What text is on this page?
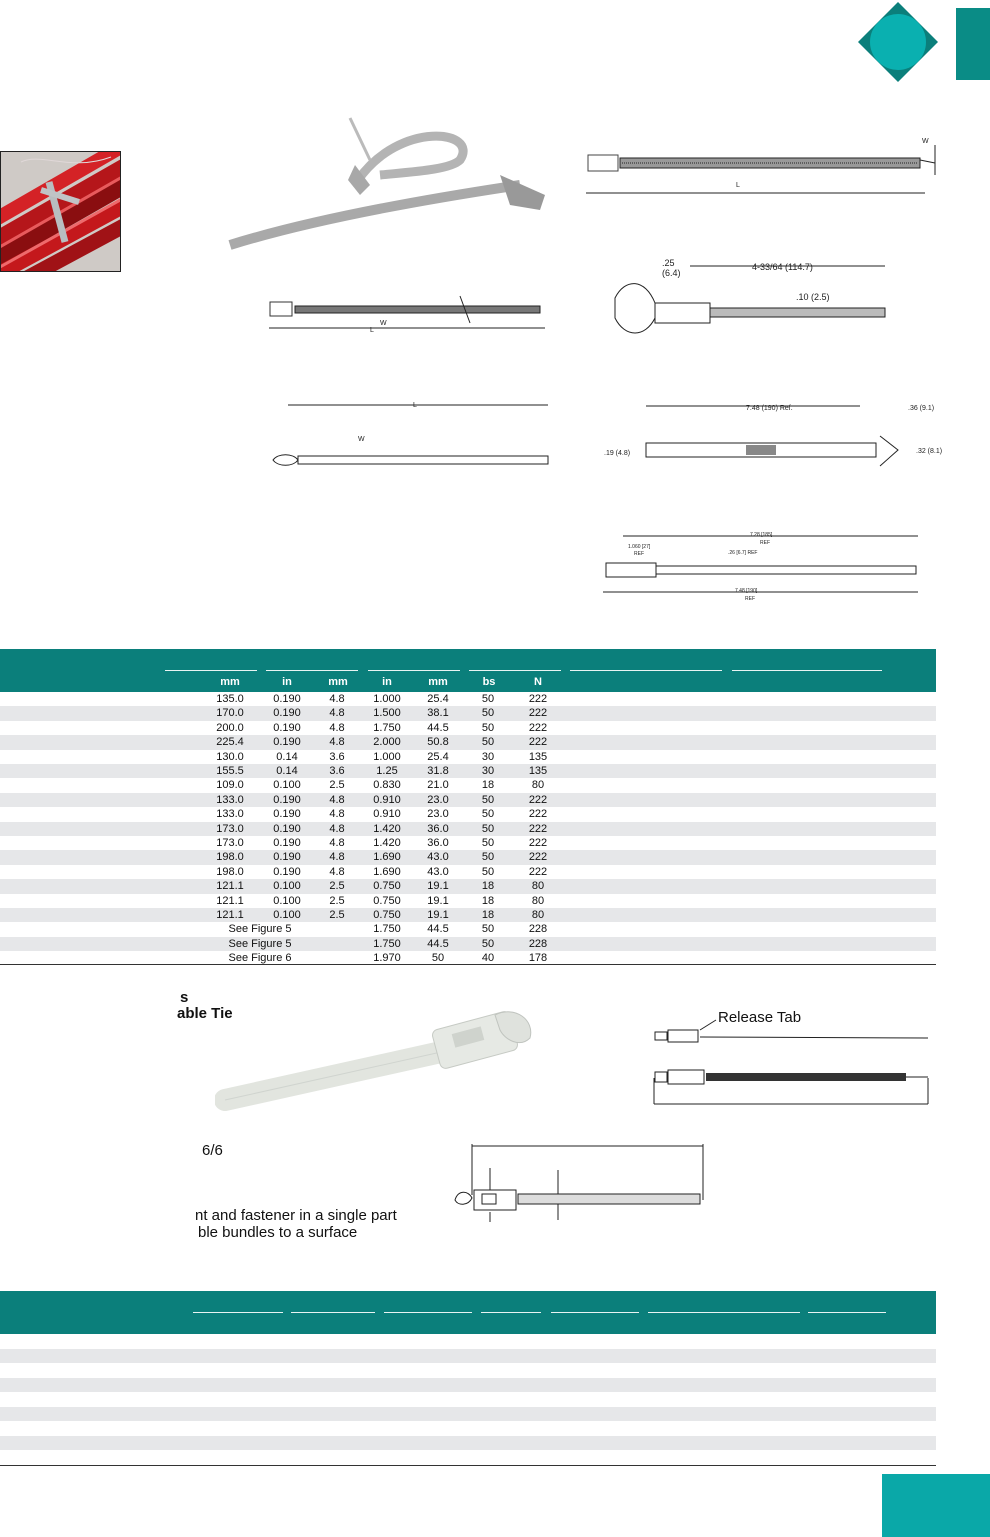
L
W
L
W
.25
(6.4)
4-33/64 (114.7)
.10 (2.5)
L
W
7.48 (190) Ref.	.36 (9.1)
.19 (4.8)	.32 (8.1)
7.28 [185]
REF
1.060 [27]
REF	.26 [6.7] REF
7.48 [190]
REF
mm	in	mm	in	mm	bs	N
135.0	0.190	4.8	1.000	25.4	50	222
170.0	0.190	4.8	1.500	38.1	50	222
200.0	0.190	4.8	1.750	44.5	50	222
225.4	0.190	4.8	2.000	50.8	50	222
130.0	0.14	3.6	1.000	25.4	30	135
155.5	0.14	3.6	1.25	31.8	30	135
109.0	0.100	2.5	0.830	21.0	18	80
133.0	0.190	4.8	0.910	23.0	50	222
133.0	0.190	4.8	0.910	23.0	50	222
173.0	0.190	4.8	1.420	36.0	50	222
173.0	0.190	4.8	1.420	36.0	50	222
198.0	0.190	4.8	1.690	43.0	50	222
198.0	0.190	4.8	1.690	43.0	50	222
121.1	0.100	2.5	0.750	19.1	18	80
121.1	0.100	2.5	0.750	19.1	18	80
121.1	0.100	2.5	0.750	19.1	18	80
See Figure 5	1.750	44.5	50	228
See Figure 5	1.750	44.5	50	228
See Figure 6	1.970	50	40	178
s
able Tie	Release Tab
6/6
nt and fastener in a single part
ble bundles to a surface
